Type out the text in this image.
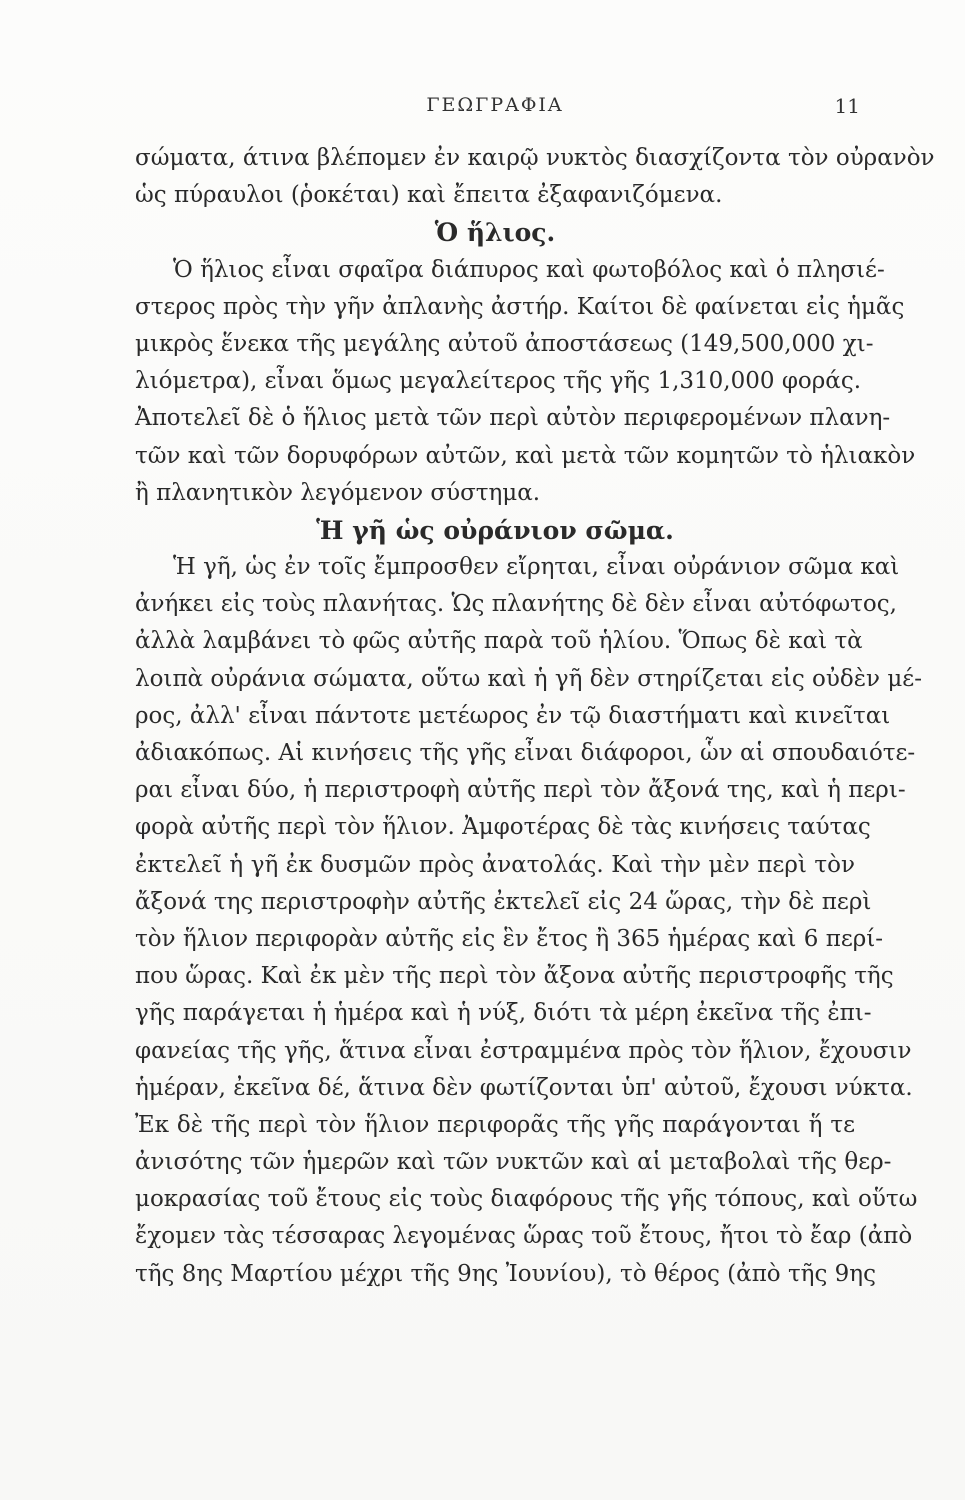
ΓΕΩΓΡΑΦΙΑ	11
σώματα, άτινα βλέπομεν ἐν καιρῷ νυκτὸς διασχίζοντα τὸν οὐρανὸν
ὡς πύραυλοι (ῥοκέται) καὶ ἔπειτα ἐξαφανιζόμενα.
Ὁ ἥλιος.
Ὁ ἥλιος εἶναι σφαῖρα διάπυρος καὶ φωτοβόλος καὶ ὁ πλησιέ-
στερος πρὸς τὴν γῆν ἀπλανὴς ἀστήρ. Καίτοι δὲ φαίνεται εἰς ἡμᾶς
μικρὸς ἕνεκα τῆς μεγάλης αὐτοῦ ἀποστάσεως (149,500,000 χι-
λιόμετρα), εἶναι ὅμως μεγαλείτερος τῆς γῆς 1,310,000 φοράς.
Ἀποτελεῖ δὲ ὁ ἥλιος μετὰ τῶν περὶ αὐτὸν περιφερομένων πλανη-
τῶν καὶ τῶν δορυφόρων αὐτῶν, καὶ μετὰ τῶν κομητῶν τὸ ἡλιακὸν
ἢ πλανητικὸν λεγόμενον σύστημα.
Ἡ γῆ ὡς οὐράνιον σῶμα.
Ἡ γῆ, ὡς ἐν τοῖς ἔμπροσθεν εἴρηται, εἶναι οὐράνιον σῶμα καὶ
ἀνήκει εἰς τοὺς πλανήτας. Ὡς πλανήτης δὲ δὲν εἶναι αὐτόφωτος,
ἀλλὰ λαμβάνει τὸ φῶς αὐτῆς παρὰ τοῦ ἡλίου. Ὅπως δὲ καὶ τὰ
λοιπὰ οὐράνια σώματα, οὕτω καὶ ἡ γῆ δὲν στηρίζεται εἰς οὐδὲν μέ-
ρος, ἀλλ' εἶναι πάντοτε μετέωρος ἐν τῷ διαστήματι καὶ κινεῖται
ἀδιακόπως. Αἱ κινήσεις τῆς γῆς εἶναι διάφοροι, ὧν αἱ σπουδαιότε-
ραι εἶναι δύο, ἡ περιστροφὴ αὐτῆς περὶ τὸν ἄξονά της, καὶ ἡ περι-
φορὰ αὐτῆς περὶ τὸν ἥλιον. Ἀμφοτέρας δὲ τὰς κινήσεις ταύτας
ἐκτελεῖ ἡ γῆ ἐκ δυσμῶν πρὸς ἀνατολάς. Καὶ τὴν μὲν περὶ τὸν
ἄξονά της περιστροφὴν αὐτῆς ἐκτελεῖ εἰς 24 ὥρας, τὴν δὲ περὶ
τὸν ἥλιον περιφορὰν αὐτῆς εἰς ἓν ἔτος ἢ 365 ἡμέρας καὶ 6 περί-
που ὥρας. Καὶ ἐκ μὲν τῆς περὶ τὸν ἄξονα αὐτῆς περιστροφῆς τῆς
γῆς παράγεται ἡ ἡμέρα καὶ ἡ νύξ, διότι τὰ μέρη ἐκεῖνα τῆς ἐπι-
φανείας τῆς γῆς, ἅτινα εἶναι ἐστραμμένα πρὸς τὸν ἥλιον, ἔχουσιν
ἡμέραν, ἐκεῖνα δέ, ἅτινα δὲν φωτίζονται ὑπ' αὐτοῦ, ἔχουσι νύκτα.
Ἐκ δὲ τῆς περὶ τὸν ἥλιον περιφορᾶς τῆς γῆς παράγονται ἥ τε
ἀνισότης τῶν ἡμερῶν καὶ τῶν νυκτῶν καὶ αἱ μεταβολαὶ τῆς θερ-
μοκρασίας τοῦ ἔτους εἰς τοὺς διαφόρους τῆς γῆς τόπους, καὶ οὕτω
ἔχομεν τὰς τέσσαρας λεγομένας ὥρας τοῦ ἔτους, ἤτοι τὸ ἔαρ (ἀπὸ
τῆς 8ης Μαρτίου μέχρι τῆς 9ης Ἰουνίου), τὸ θέρος (ἀπὸ τῆς 9ης
